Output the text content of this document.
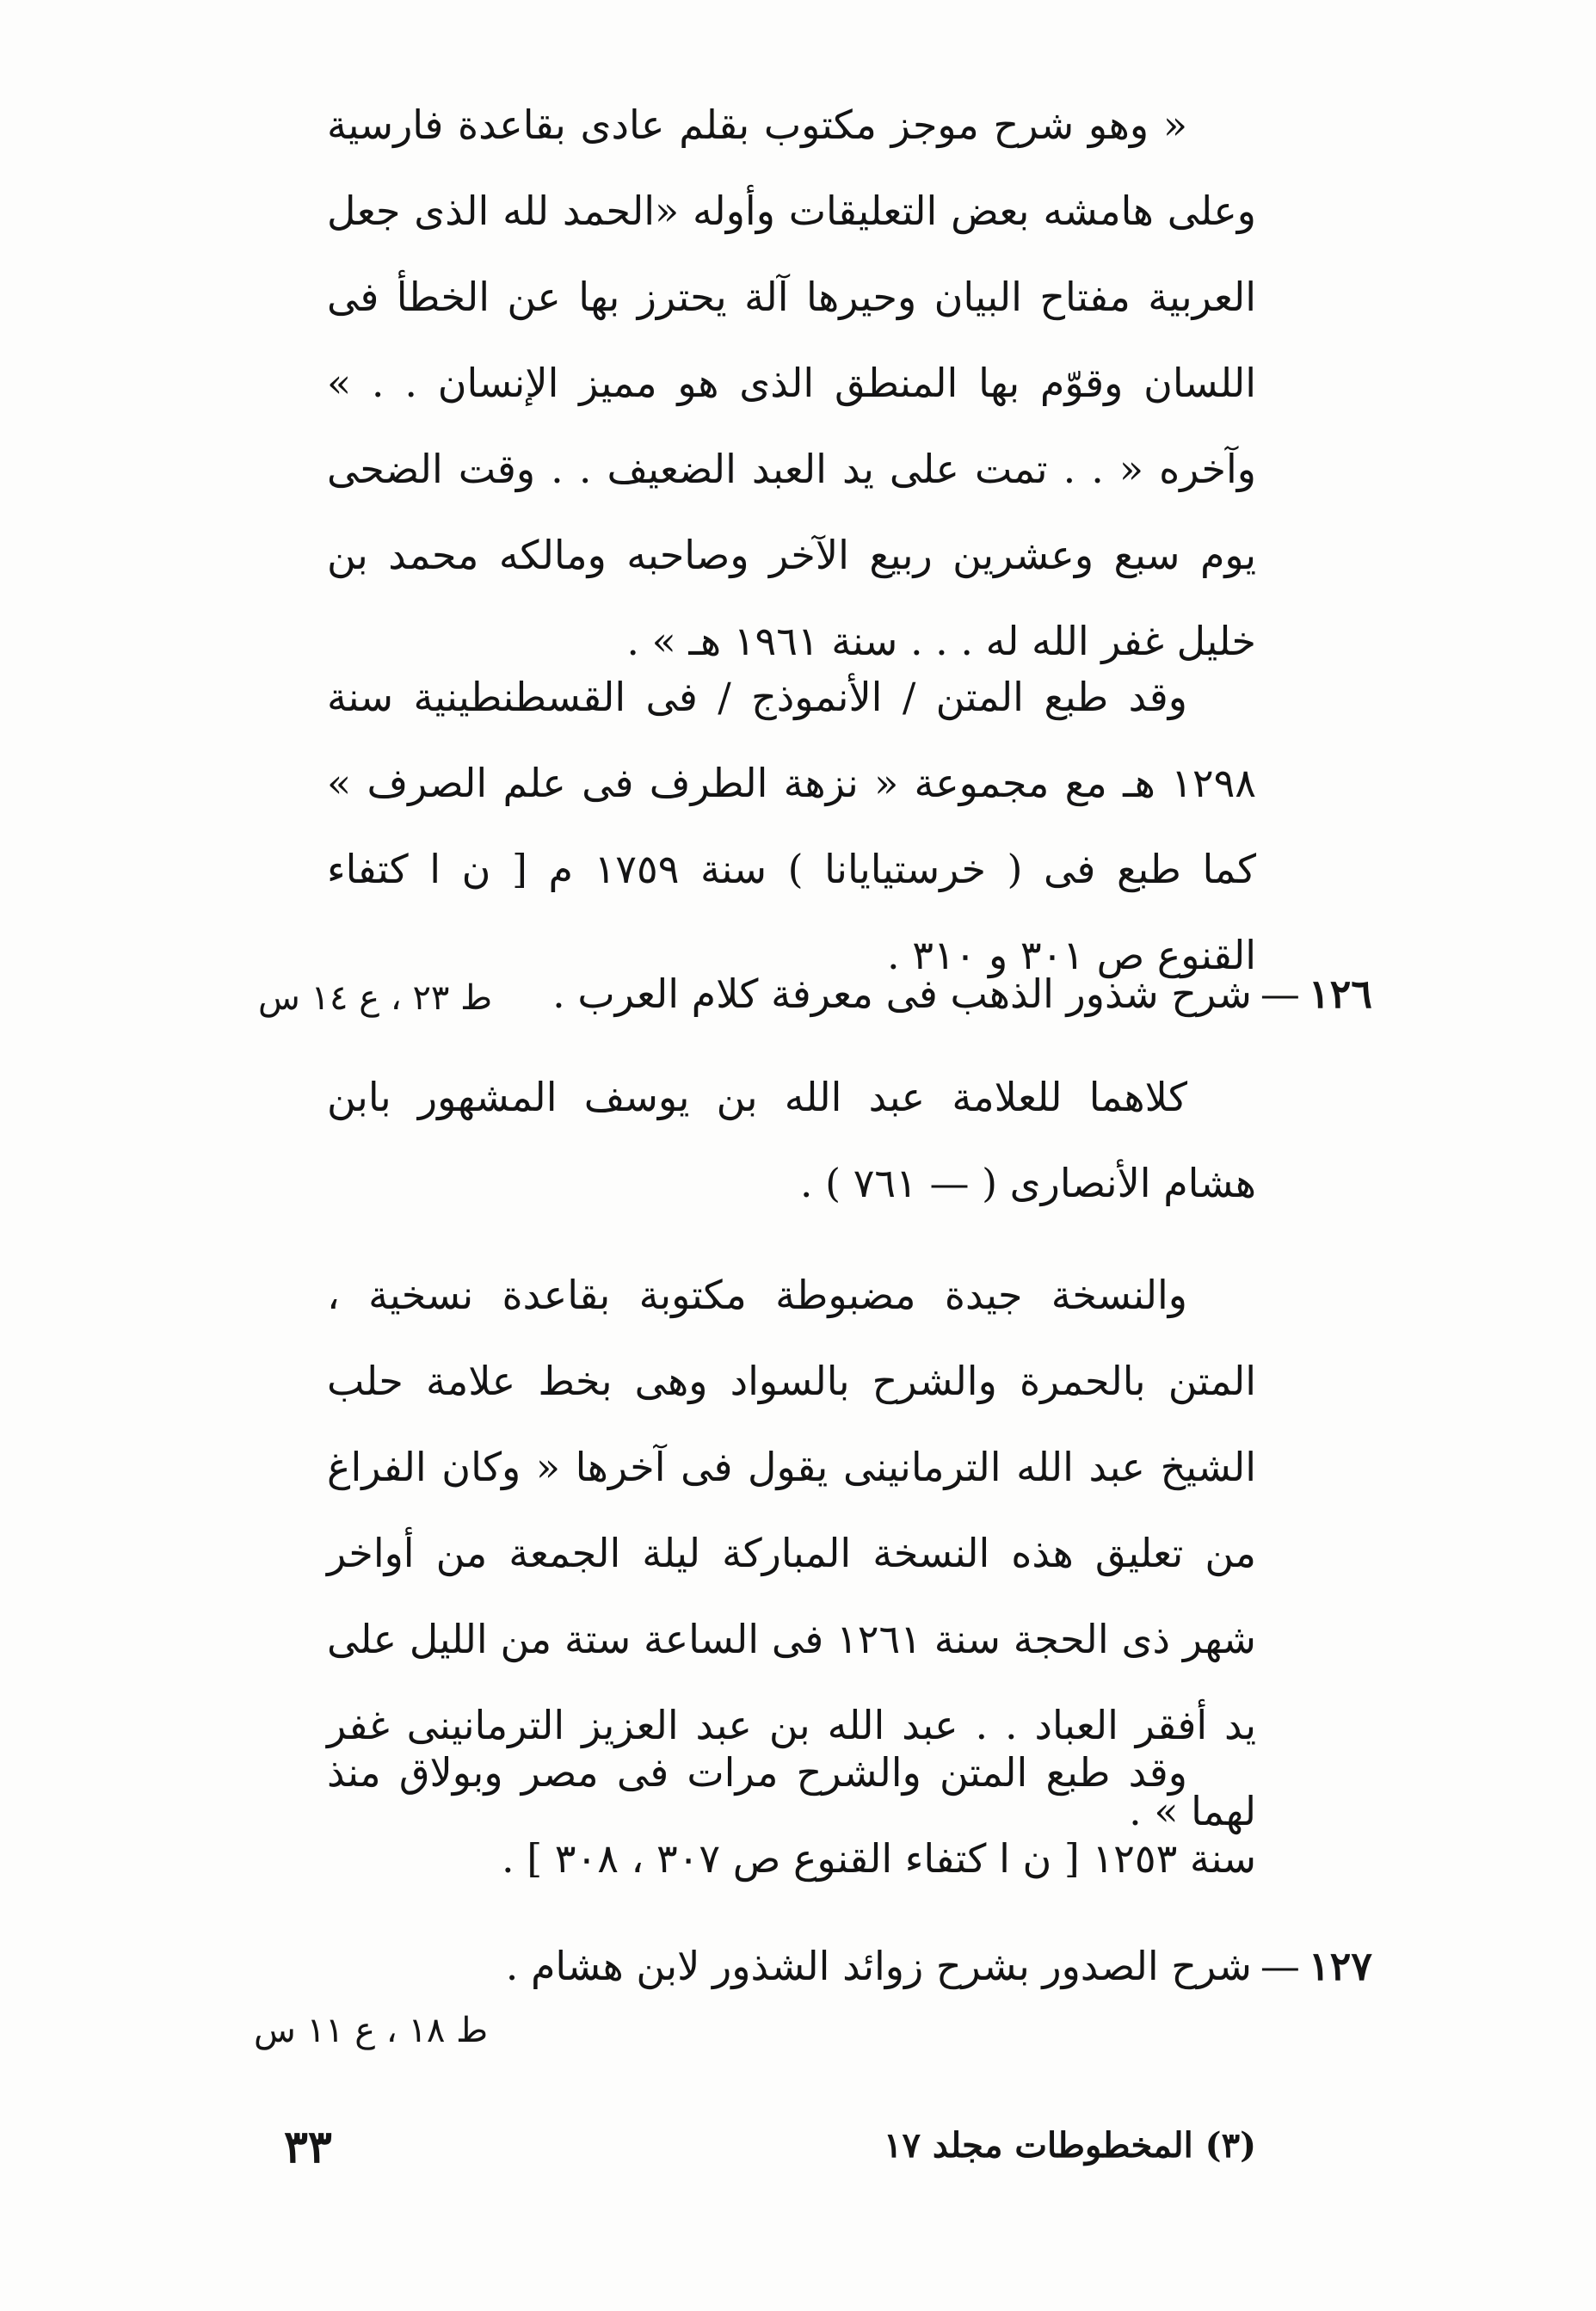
« وهو شرح موجز مكتوب بقلم عادى بقاعدة فارسية وعلى هامشه بعض التعليقات وأوله «الحمد لله الذى جعل العربية مفتاح البيان وحيرها آلة يحترز بها عن الخطأ فى اللسان وقوّم بها المنطق الذى هو مميز الإنسان . . » وآخره « . . تمت على يد العبد الضعيف . . وقت الضحى يوم سبع وعشرين ربيع الآخر وصاحبه ومالكه محمد بن خليل غفر الله له . . . سنة ١٩٦١ هـ » .

وقد طبع المتن / الأنموذج / فى القسطنطينية سنة ١٢٩٨ هـ مع مجموعة « نزهة الطرف فى علم الصرف » كما طبع فى ( خرستيايانا ) سنة ١٧٥٩ م [ ن ا كتفاء القنوع ص ٣٠١ و ٣١٠ .

١٢٦—شرح شذور الذهب فى معرفة كلام العرب .
ط ٢٣ ، ع ١٤ س

كلاهما للعلامة عبد الله بن يوسف المشهور بابن هشام الأنصارى ( — ٧٦١ ) .

والنسخة جيدة مضبوطة مكتوبة بقاعدة نسخية ، المتن بالحمرة والشرح بالسواد وهى بخط علامة حلب الشيخ عبد الله الترمانينى يقول فى آخرها « وكان الفراغ من تعليق هذه النسخة المباركة ليلة الجمعة من أواخر شهر ذى الحجة سنة ١٢٦١ فى الساعة ستة من الليل على يد أفقر العباد . . عبد الله بن عبد العزيز الترمانينى غفر لهما » .

وقد طبع المتن والشرح مرات فى مصر وبولاق منذ سنة ١٢٥٣ [ ن ا كتفاء القنوع ص ٣٠٧ ، ٣٠٨ ] .

١٢٧—شرح الصدور بشرح زوائد الشذور لابن هشام .
ط ١٨ ، ع ١١ س
٣٣	(٣) المخطوطات مجلد ١٧
